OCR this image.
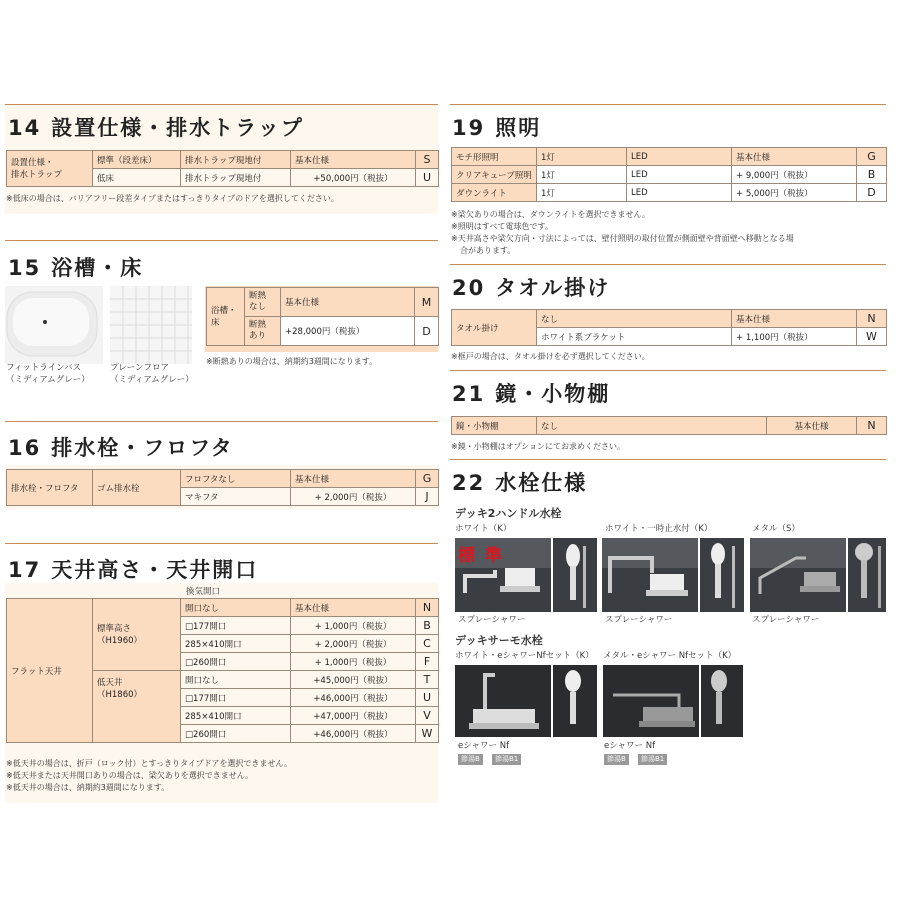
14 設置仕様・排水トラップ
設置仕様・
排水トラップ	標準（段差床）	排水トラップ現地付	基本仕様	S
	低床	排水トラップ現地付	+50,000円（税抜）	U
※低床の場合は、バリアフリー段差タイプまたはすっきりタイプのドアを選択してください。
15 浴槽・床
フィットラインバス
（ミディアムグレー）
プレーンフロア
（ミディアムグレー）
浴槽・
床	断熱
なし	基本仕様	M
	断熱
あり	+28,000円（税抜）	D
※断熱ありの場合は、納期約3週間になります。
16 排水栓・フロフタ
排水栓・フロフタ	ゴム排水栓	フロフタなし	基本仕様	G
		マキフタ	+ 2,000円（税抜）	J
17 天井高さ・天井開口
換気開口
フラット天井	標準高さ
（H1960）	開口なし	基本仕様	N
		□177開口	+ 1,000円（税抜）	B
		285×410開口	+ 2,000円（税抜）	C
		□260開口	+ 1,000円（税抜）	F
	低天井
（H1860）	開口なし	+45,000円（税抜）	T
		□177開口	+46,000円（税抜）	U
		285×410開口	+47,000円（税抜）	V
		□260開口	+46,000円（税抜）	W
※低天井の場合は、折戸（ロック付）とすっきりタイプドアを選択できません。
※低天井または天井開口ありの場合は、梁欠ありを選択できません。
※低天井の場合は、納期約3週間になります。
19 照明
モチ形照明	1灯	LED	基本仕様	G
クリアキューブ照明	1灯	LED	+ 9,000円（税抜）	B
ダウンライト	1灯	LED	+ 5,000円（税抜）	D
※梁欠ありの場合は、ダウンライトを選択できません。
※照明はすべて電球色です。
※天井高さや梁欠方向・寸法によっては、壁付照明の取付位置が側面壁や背面壁へ移動となる場
合があります。
20 タオル掛け
タオル掛け	なし	基本仕様	N
	ホワイト系ブラケット	+ 1,100円（税抜）	W
※框戸の場合は、タオル掛けを必ず選択してください。
21 鏡・小物棚
鏡・小物棚	なし	基本仕様	N
※鏡・小物棚はオプションにてお求めください。
22 水栓仕様
デッキ2ハンドル水栓
ホワイト（K）	ホワイト・一時止水付（K）	メタル（S）
標 準
スプレーシャワー	スプレーシャワー	スプレーシャワー
デッキサーモ水栓
ホワイト・eシャワーNfセット（K） メタル・eシャワー Nfセット（K）
eシャワー Nf	eシャワー Nf
節湯B	節湯B1	節湯B	節湯B1
